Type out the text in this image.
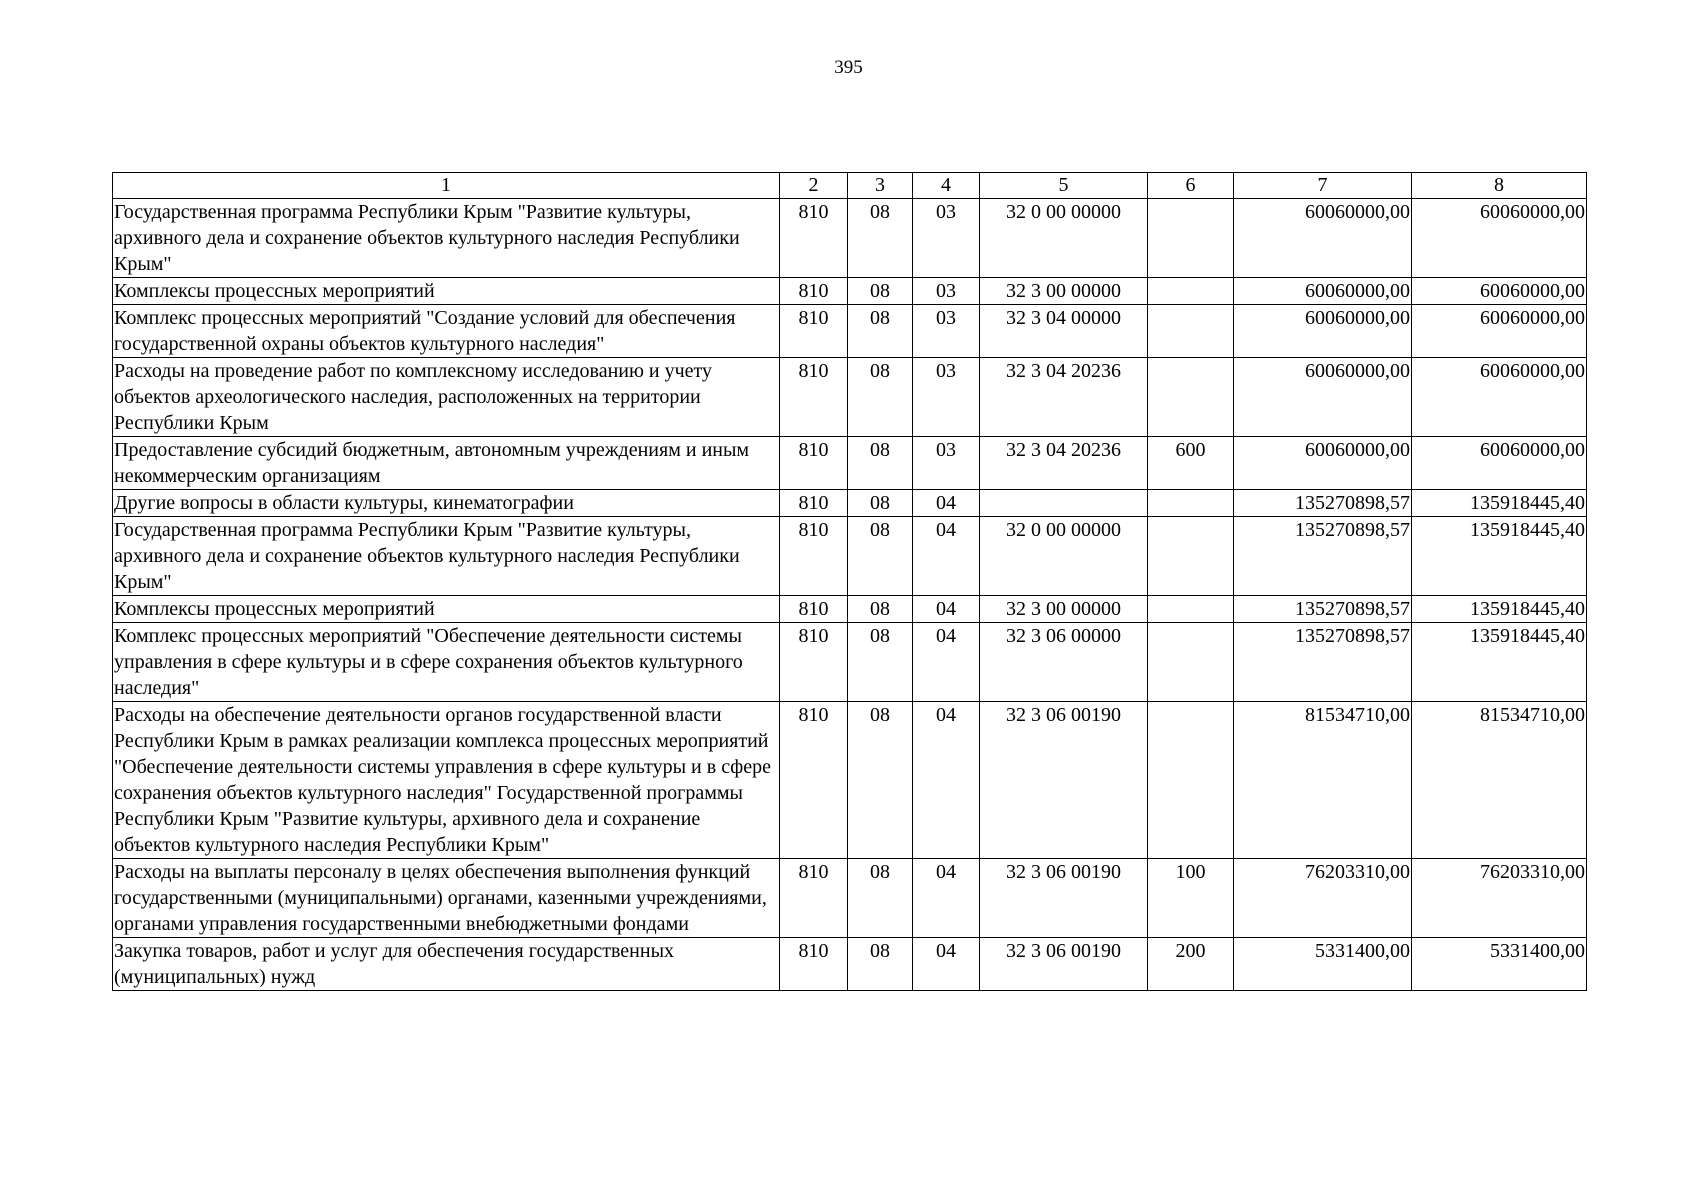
395
1	2	3	4	5	6	7	8
Государственная программа Республики Крым "Развитие культуры, архивного дела и сохранение объектов культурного наследия Республики Крым"	810	08	03	32 0 00 00000		60060000,00	60060000,00
Комплексы процессных мероприятий	810	08	03	32 3 00 00000		60060000,00	60060000,00
Комплекс процессных мероприятий "Создание условий для обеспечения государственной охраны объектов культурного наследия"	810	08	03	32 3 04 00000		60060000,00	60060000,00
Расходы на проведение работ по комплексному исследованию и учету объектов археологического наследия, расположенных на территории Республики Крым	810	08	03	32 3 04 20236		60060000,00	60060000,00
Предоставление субсидий бюджетным, автономным учреждениям и иным некоммерческим организациям	810	08	03	32 3 04 20236	600	60060000,00	60060000,00
Другие вопросы в области культуры, кинематографии	810	08	04			135270898,57	135918445,40
Государственная программа Республики Крым "Развитие культуры, архивного дела и сохранение объектов культурного наследия Республики Крым"	810	08	04	32 0 00 00000		135270898,57	135918445,40
Комплексы процессных мероприятий	810	08	04	32 3 00 00000		135270898,57	135918445,40
Комплекс процессных мероприятий "Обеспечение деятельности системы управления в сфере культуры и в сфере сохранения объектов культурного наследия"	810	08	04	32 3 06 00000		135270898,57	135918445,40
Расходы на обеспечение деятельности органов государственной власти Республики Крым в рамках реализации комплекса процессных мероприятий "Обеспечение деятельности системы управления в сфере культуры и в сфере сохранения объектов культурного наследия" Государственной программы Республики Крым "Развитие культуры, архивного дела и сохранение объектов культурного наследия Республики Крым"	810	08	04	32 3 06 00190		81534710,00	81534710,00
Расходы на выплаты персоналу в целях обеспечения выполнения функций государственными (муниципальными) органами, казенными учреждениями, органами управления государственными внебюджетными фондами	810	08	04	32 3 06 00190	100	76203310,00	76203310,00
Закупка товаров, работ и услуг для обеспечения государственных (муниципальных) нужд	810	08	04	32 3 06 00190	200	5331400,00	5331400,00
